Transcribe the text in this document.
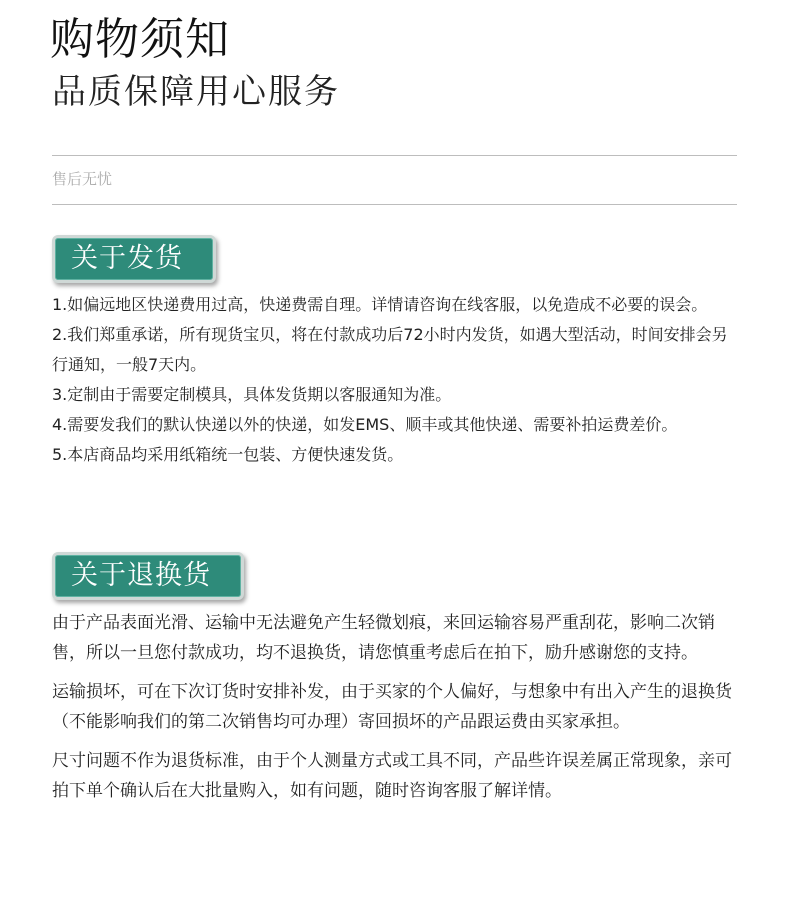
购物须知
品质保障用心服务
售后无忧
关于发货
1.如偏远地区快递费用过高，快递费需自理。详情请咨询在线客服，以免造成不必要的误会。
2.我们郑重承诺，所有现货宝贝，将在付款成功后72小时内发货，如遇大型活动，时间安排会另行通知，一般7天内。
3.定制由于需要定制模具，具体发货期以客服通知为准。
4.需要发我们的默认快递以外的快递，如发EMS、顺丰或其他快递、需要补拍运费差价。
5.本店商品均采用纸箱统一包装、方便快速发货。
关于退换货

由于产品表面光滑、运输中无法避免产生轻微划痕，来回运输容易严重刮花，影响二次销售，所以一旦您付款成功，均不退换货，请您慎重考虑后在拍下，励升感谢您的支持。

运输损坏，可在下次订货时安排补发，由于买家的个人偏好，与想象中有出入产生的退换货（不能影响我们的第二次销售均可办理）寄回损坏的产品跟运费由买家承担。

尺寸问题不作为退货标准，由于个人测量方式或工具不同，产品些许误差属正常现象，亲可拍下单个确认后在大批量购入，如有问题，随时咨询客服了解详情。
